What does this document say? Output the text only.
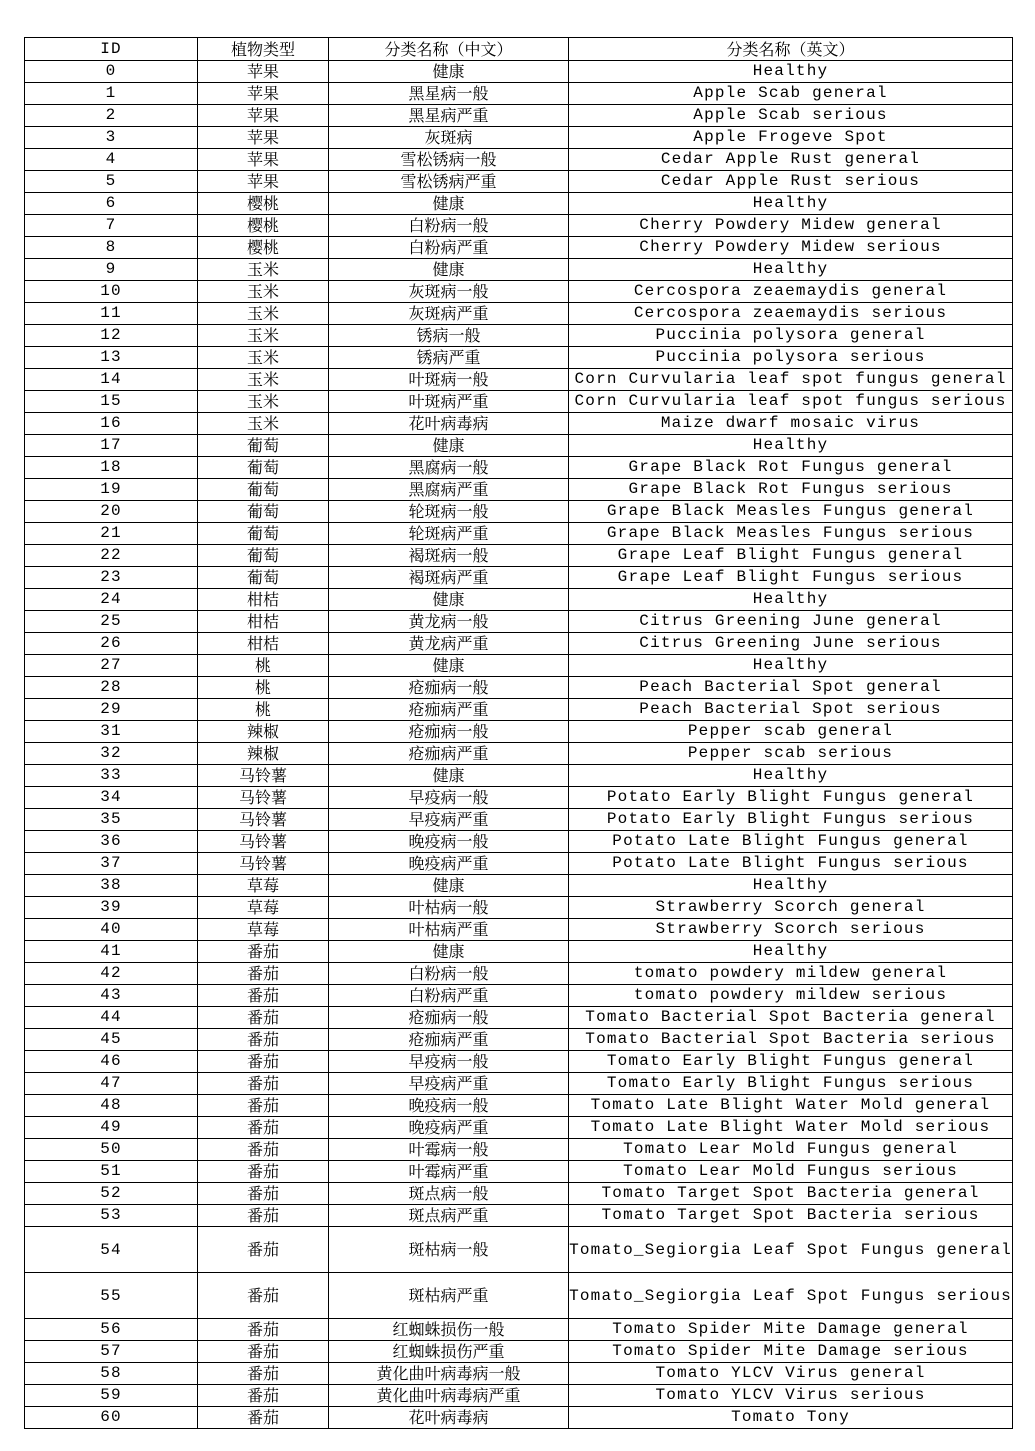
ID	植物类型	分类名称（中文）	分类名称（英文）
0	苹果	健康	Healthy
1	苹果	黑星病一般	Apple Scab general
2	苹果	黑星病严重	Apple Scab serious
3	苹果	灰斑病	Apple Frogeve Spot
4	苹果	雪松锈病一般	Cedar Apple Rust general
5	苹果	雪松锈病严重	Cedar Apple Rust serious
6	樱桃	健康	Healthy
7	樱桃	白粉病一般	Cherry Powdery Midew general
8	樱桃	白粉病严重	Cherry Powdery Midew serious
9	玉米	健康	Healthy
10	玉米	灰斑病一般	Cercospora zeaemaydis general
11	玉米	灰斑病严重	Cercospora zeaemaydis serious
12	玉米	锈病一般	Puccinia polysora general
13	玉米	锈病严重	Puccinia polysora serious
14	玉米	叶斑病一般	Corn Curvularia leaf spot fungus general
15	玉米	叶斑病严重	Corn Curvularia leaf spot fungus serious
16	玉米	花叶病毒病	Maize dwarf mosaic virus
17	葡萄	健康	Healthy
18	葡萄	黑腐病一般	Grape Black Rot Fungus general
19	葡萄	黑腐病严重	Grape Black Rot Fungus serious
20	葡萄	轮斑病一般	Grape Black Measles Fungus general
21	葡萄	轮斑病严重	Grape Black Measles Fungus serious
22	葡萄	褐斑病一般	Grape Leaf Blight Fungus general
23	葡萄	褐斑病严重	Grape Leaf Blight Fungus serious
24	柑桔	健康	Healthy
25	柑桔	黄龙病一般	Citrus Greening June general
26	柑桔	黄龙病严重	Citrus Greening June serious
27	桃	健康	Healthy
28	桃	疮痂病一般	Peach Bacterial Spot general
29	桃	疮痂病严重	Peach Bacterial Spot serious
31	辣椒	疮痂病一般	Pepper scab general
32	辣椒	疮痂病严重	Pepper scab serious
33	马铃薯	健康	Healthy
34	马铃薯	早疫病一般	Potato Early Blight Fungus general
35	马铃薯	早疫病严重	Potato Early Blight Fungus serious
36	马铃薯	晚疫病一般	Potato Late Blight Fungus general
37	马铃薯	晚疫病严重	Potato Late Blight Fungus serious
38	草莓	健康	Healthy
39	草莓	叶枯病一般	Strawberry Scorch general
40	草莓	叶枯病严重	Strawberry Scorch serious
41	番茄	健康	Healthy
42	番茄	白粉病一般	tomato powdery mildew general
43	番茄	白粉病严重	tomato powdery mildew serious
44	番茄	疮痂病一般	Tomato Bacterial Spot Bacteria general
45	番茄	疮痂病严重	Tomato Bacterial Spot Bacteria serious
46	番茄	早疫病一般	Tomato Early Blight Fungus general
47	番茄	早疫病严重	Tomato Early Blight Fungus serious
48	番茄	晚疫病一般	Tomato Late Blight Water Mold general
49	番茄	晚疫病严重	Tomato Late Blight Water Mold serious
50	番茄	叶霉病一般	Tomato Lear Mold Fungus general
51	番茄	叶霉病严重	Tomato Lear Mold Fungus serious
52	番茄	斑点病一般	Tomato Target Spot Bacteria general
53	番茄	斑点病严重	Tomato Target Spot Bacteria serious
54	番茄	斑枯病一般	Tomato_Segiorgia Leaf Spot Fungus general
55	番茄	斑枯病严重	Tomato_Segiorgia Leaf Spot Fungus serious
56	番茄	红蜘蛛损伤一般	Tomato Spider Mite Damage general
57	番茄	红蜘蛛损伤严重	Tomato Spider Mite Damage serious
58	番茄	黄化曲叶病毒病一般	Tomato YLCV Virus general
59	番茄	黄化曲叶病毒病严重	Tomato YLCV Virus serious
60	番茄	花叶病毒病	Tomato Tony
